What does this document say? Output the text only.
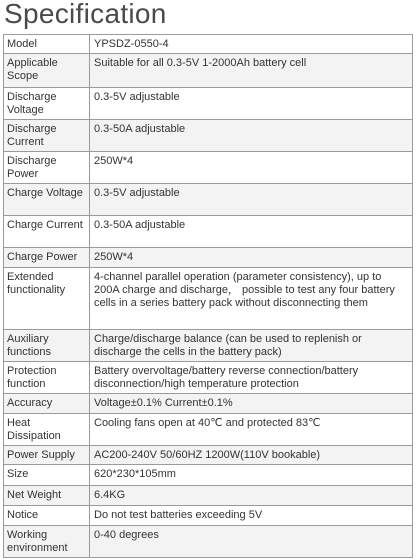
Specification
Model	YPSDZ-0550-4
Applicable Scope	Suitable for all 0.3-5V 1-2000Ah battery cell
Discharge Voltage	0.3-5V adjustable
Discharge Current	0.3-50A adjustable
Discharge Power	250W*4
Charge Voltage	0.3-5V adjustable
Charge Current	0.3-50A adjustable
Charge Power	250W*4
Extended functionality	4-channel parallel operation (parameter consistency), up to 200A charge and discharge， possible to test any four battery cells in a series battery pack without disconnecting them
Auxiliary functions	Charge/discharge balance (can be used to replenish or discharge the cells in the battery pack)
Protection function	Battery overvoltage/battery reverse connection/battery disconnection/high temperature protection
Accuracy	Voltage±0.1% Current±0.1%
Heat Dissipation	Cooling fans open at 40℃ and protected 83℃
Power Supply	AC200-240V 50/60HZ 1200W(110V bookable)
Size	620*230*105mm
Net Weight	6.4KG
Notice	Do not test batteries exceeding 5V
Working environment	0-40 degrees
